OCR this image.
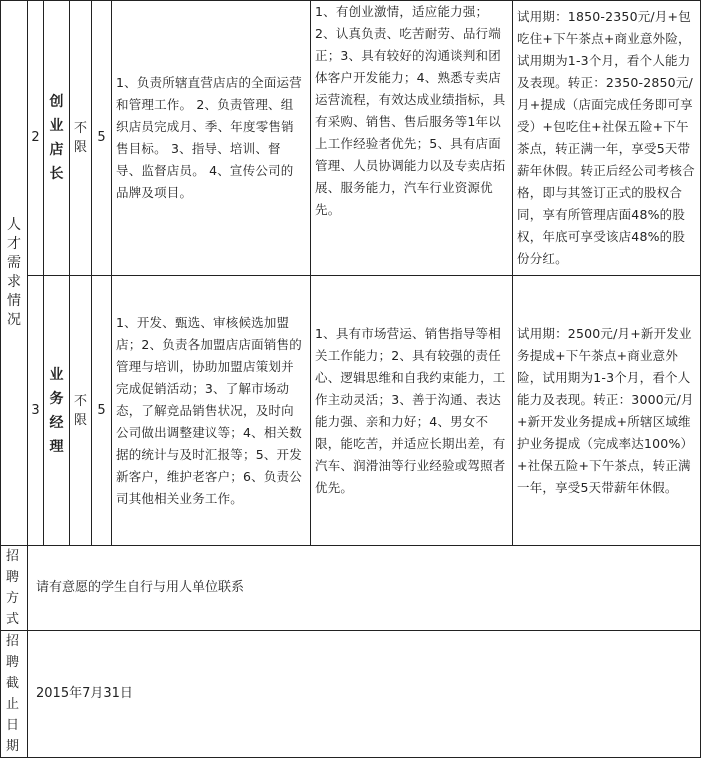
人才需求情况	2	创业店长	不限	5	1、负责所辖直营店店的全面运营和管理工作。 2、负责管理、组织店员完成月、季、年度零售销售目标。 3、指导、培训、督导、监督店员。 4、宣传公司的品牌及项目。	1、有创业激情，适应能力强；2、认真负责、吃苦耐劳、品行端正；3、具有较好的沟通谈判和团体客户开发能力；4、熟悉专卖店运营流程，有效达成业绩指标，具有采购、销售、售后服务等1年以上工作经验者优先；5、具有店面管理、人员协调能力以及专卖店拓展、服务能力，汽车行业资源优先。	试用期：1850-2350元/月+包吃住+下午茶点+商业意外险，试用期为1-3个月，看个人能力及表现。转正：2350-2850元/月+提成（店面完成任务即可享受）+包吃住+社保五险+下午茶点，转正满一年，享受5天带薪年休假。转正后经公司考核合格，即与其签订正式的股权合同，享有所管理店面48%的股权，年底可享受该店48%的股份分红。
	3	业务经理	不限	5	1、开发、甄选、审核候选加盟店；2、负责各加盟店店面销售的管理与培训，协助加盟店策划并完成促销活动；3、了解市场动态，了解竞品销售状况，及时向公司做出调整建议等；4、相关数据的统计与及时汇报等；5、开发新客户，维护老客户；6、负责公司其他相关业务工作。	1、具有市场营运、销售指导等相关工作能力；2、具有较强的责任心、逻辑思维和自我约束能力，工作主动灵活；3、善于沟通、表达能力强、亲和力好；4、男女不限，能吃苦，并适应长期出差，有汽车、润滑油等行业经验或驾照者优先。	试用期：2500元/月+新开发业务提成+下午茶点+商业意外险，试用期为1-3个月，看个人能力及表现。转正：3000元/月+新开发业务提成+所辖区域维护业务提成（完成率达100%）+社保五险+下午茶点，转正满一年，享受5天带薪年休假。
招聘方式	请有意愿的学生自行与用人单位联系						
招聘截止日期	2015年7月31日						
